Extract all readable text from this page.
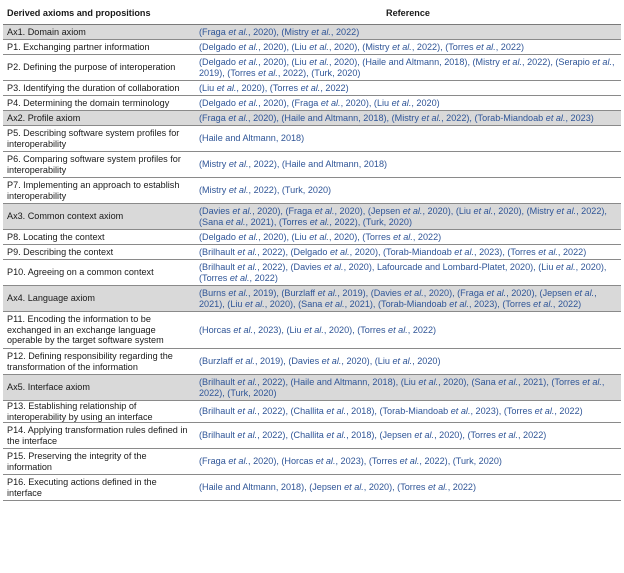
Derived axioms and propositions	Reference
Ax1. Domain axiom	(Fraga et al., 2020), (Mistry et al., 2022)
P1. Exchanging partner information	(Delgado et al., 2020), (Liu et al., 2020), (Mistry et al., 2022), (Torres et al., 2022)
P2. Defining the purpose of interoperation	(Delgado et al., 2020), (Liu et al., 2020), (Haile and Altmann, 2018), (Mistry et al., 2022), (Serapio et al., 2019), (Torres et al., 2022), (Turk, 2020)
P3. Identifying the duration of collaboration	(Liu et al., 2020), (Torres et al., 2022)
P4. Determining the domain terminology	(Delgado et al., 2020), (Fraga et al., 2020), (Liu et al., 2020)
Ax2. Profile axiom	(Fraga et al., 2020), (Haile and Altmann, 2018), (Mistry et al., 2022), (Torab-Miandoab et al., 2023)
P5. Describing software system profiles for interoperability	(Haile and Altmann, 2018)
P6. Comparing software system profiles for interoperability	(Mistry et al., 2022), (Haile and Altmann, 2018)
P7. Implementing an approach to establish interoperability	(Mistry et al., 2022), (Turk, 2020)
Ax3. Common context axiom	(Davies et al., 2020), (Fraga et al., 2020), (Jepsen et al., 2020), (Liu et al., 2020), (Mistry et al., 2022), (Sana et al., 2021), (Torres et al., 2022), (Turk, 2020)
P8. Locating the context	(Delgado et al., 2020), (Liu et al., 2020), (Torres et al., 2022)
P9. Describing the context	(Brilhault et al., 2022), (Delgado et al., 2020), (Torab-Miandoab et al., 2023), (Torres et al., 2022)
P10. Agreeing on a common context	(Brilhault et al., 2022), (Davies et al., 2020), Lafourcade and Lombard-Platet, 2020), (Liu et al., 2020), (Torres et al., 2022)
Ax4. Language axiom	(Burns et al., 2019), (Burzlaff et al., 2019), (Davies et al., 2020), (Fraga et al., 2020), (Jepsen et al., 2021), (Liu et al., 2020), (Sana et al., 2021), (Torab-Miandoab et al., 2023), (Torres et al., 2022)
P11. Encoding the information to be exchanged in an exchange language operable by the target software system	(Horcas et al., 2023), (Liu et al., 2020), (Torres et al., 2022)
P12. Defining responsibility regarding the transformation of the information	(Burzlaff et al., 2019), (Davies et al., 2020), (Liu et al., 2020)
Ax5. Interface axiom	(Brilhault et al., 2022), (Haile and Altmann, 2018), (Liu et al., 2020), (Sana et al., 2021), (Torres et al., 2022), (Turk, 2020)
P13. Establishing relationship of interoperability by using an interface	(Brilhault et al., 2022), (Challita et al., 2018), (Torab-Miandoab et al., 2023), (Torres et al., 2022)
P14. Applying transformation rules defined in the interface	(Brilhault et al., 2022), (Challita et al., 2018), (Jepsen et al., 2020), (Torres et al., 2022)
P15. Preserving the integrity of the information	(Fraga et al., 2020), (Horcas et al., 2023), (Torres et al., 2022), (Turk, 2020)
P16. Executing actions defined in the interface	(Haile and Altmann, 2018), (Jepsen et al., 2020), (Torres et al., 2022)
